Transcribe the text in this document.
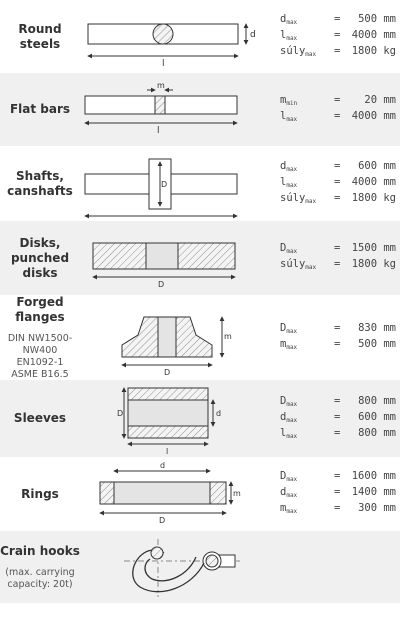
Round
steels
l
d
$d_{max}$	=	500 mm
$l_{max}$	=	4000 mm
súly$_{max}$	=	1800 kg
Flat bars
m
l
$m_{min}$	=	20 mm
$l_{max}$	=	4000 mm
Shafts,
canshafts	D
$d_{max}$	=	600 mm
$l_{max}$	=	4000 mm
súly$_{max}$	=	1800 kg
Disks,
punched
disks
D
$D_{max}$	=	1500 mm
súly$_{max}$	=	1800 kg
Forged
flanges
DIN NW1500-
NW400
EN1092-1
ASME B16.5
m
D
$D_{max}$	=	830 mm
$m_{max}$	=	500 mm
Sleeves	D	d
l
$D_{max}$	=	800 mm
$d_{max}$	=	600 mm
$l_{max}$	=	800 mm
Rings
d
m
D
$D_{max}$	=	1600 mm
$d_{max}$	=	1400 mm
$m_{max}$	=	300 mm
Crain hooks
(max. carrying
capacity: 20t)
